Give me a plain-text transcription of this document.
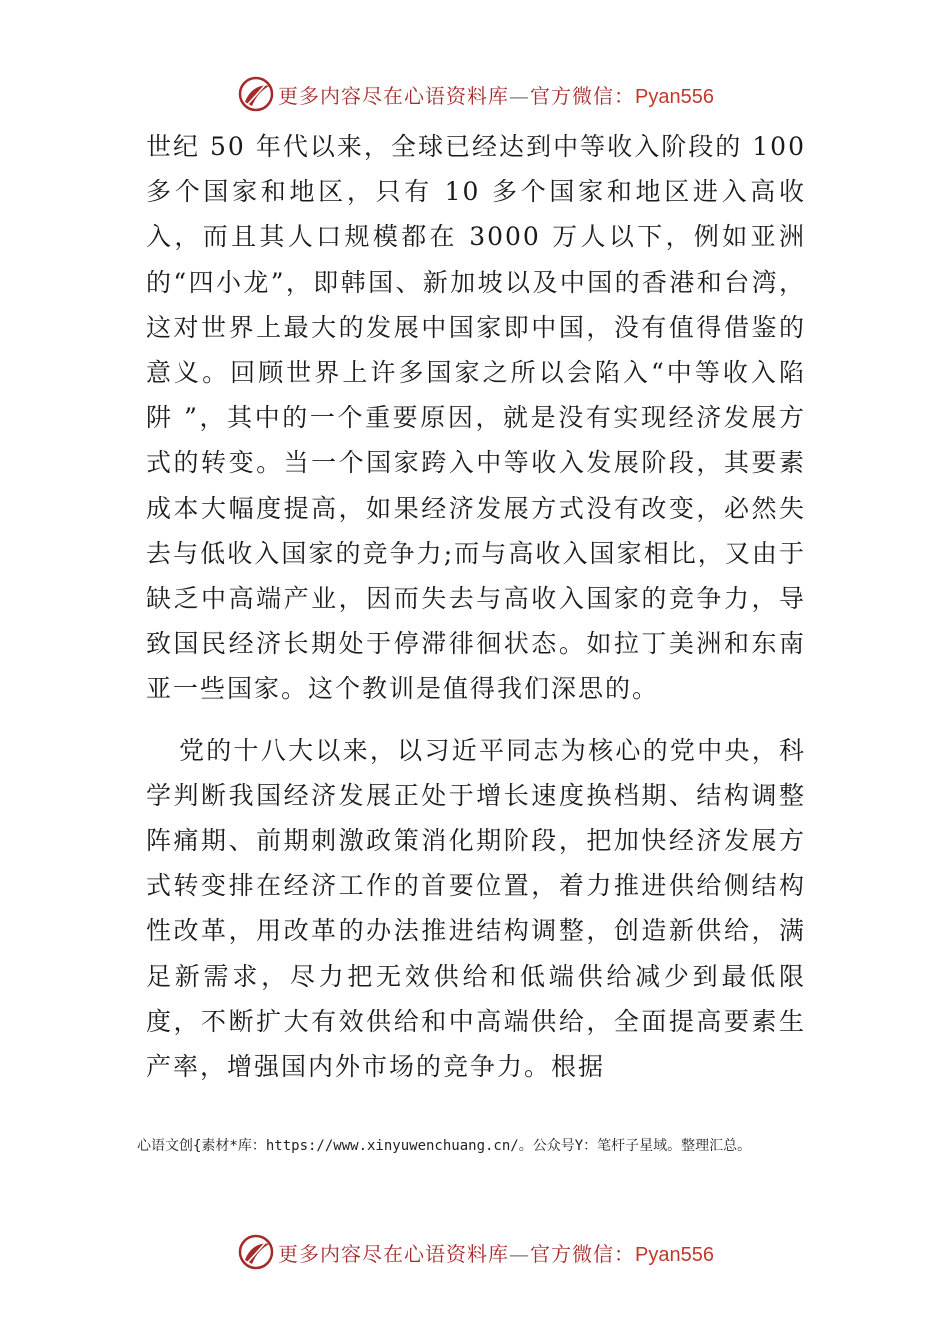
更多内容尽在心语资料库—官方微信：Pyan556

世纪 50 年代以来，全球已经达到中等收入阶段的 100 多个国家和地区，只有 10 多个国家和地区进入高收入，而且其人口规模都在 3000 万人以下，例如亚洲的“四小龙”，即韩国、新加坡以及中国的香港和台湾，这对世界上最大的发展中国家即中国，没有值得借鉴的意义。回顾世界上许多国家之所以会陷入“中等收入陷阱 ”，其中的一个重要原因，就是没有实现经济发展方式的转变。当一个国家跨入中等收入发展阶段，其要素成本大幅度提高，如果经济发展方式没有改变，必然失去与低收入国家的竞争力;而与高收入国家相比，又由于缺乏中高端产业，因而失去与高收入国家的竞争力，导致国民经济长期处于停滞徘徊状态。如拉丁美洲和东南亚一些国家。这个教训是值得我们深思的。

党的十八大以来，以习近平同志为核心的党中央，科学判断我国经济发展正处于增长速度换档期、结构调整阵痛期、前期刺激政策消化期阶段，把加快经济发展方式转变排在经济工作的首要位置，着力推进供给侧结构性改革，用改革的办法推进结构调整，创造新供给，满足新需求，尽力把无效供给和低端供给减少到最低限度，不断扩大有效供给和中高端供给，全面提高要素生产率，增强国内外市场的竞争力。根据

心语文创{素材*库：https://www.xinyuwenchuang.cn/。公众号Y：笔杆子星域。整理汇总。
更多内容尽在心语资料库—官方微信：Pyan556
